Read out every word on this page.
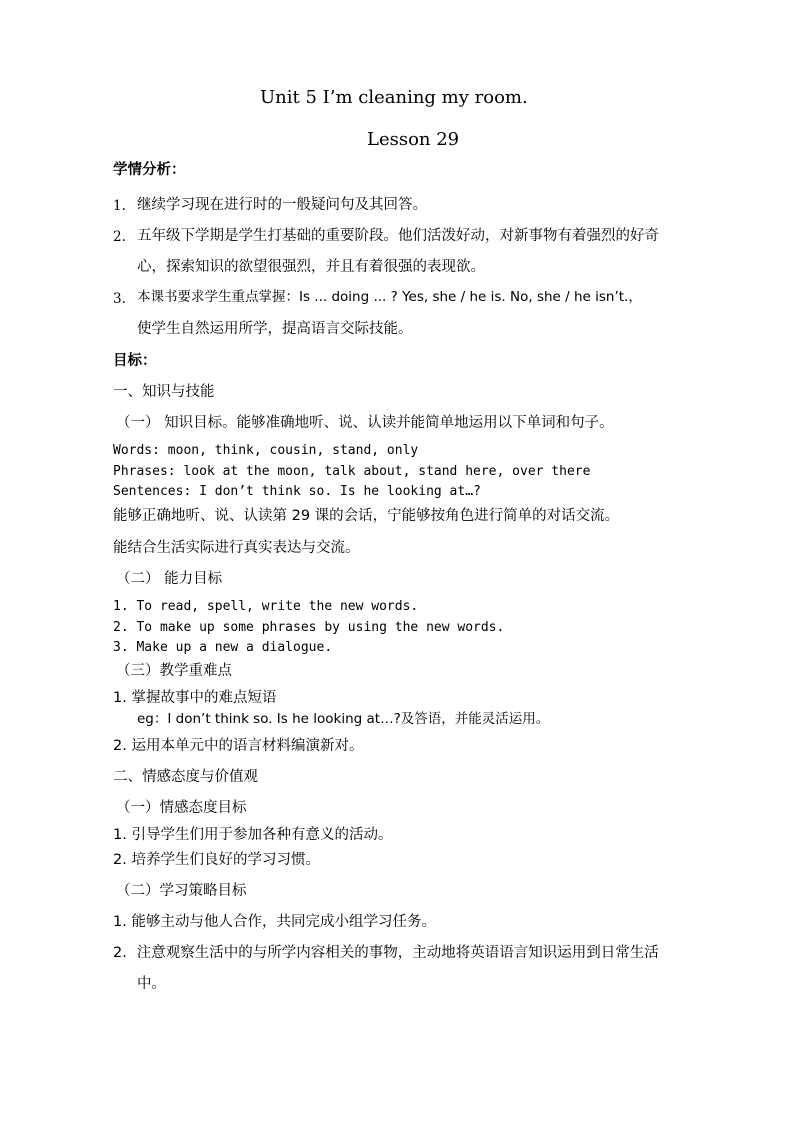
Unit 5 I’m cleaning my room.
Lesson 29
学情分析：
1. 继续学习现在进行时的一般疑问句及其回答。
2. 五年级下学期是学生打基础的重要阶段。他们活泼好动，对新事物有着强烈的好奇
心，探索知识的欲望很强烈，并且有着很强的表现欲。
3. 本课书要求学生重点掌握：Is ... doing ... ? Yes, she / he is. No, she / he isn’t.，
使学生自然运用所学，提高语言交际技能。
目标：
一、知识与技能
（一） 知识目标。能够准确地听、说、认读并能简单地运用以下单词和句子。
Words: moon, think, cousin, stand, only
Phrases: look at the moon, talk about, stand here, over there
Sentences: I don’t think so. Is he looking at…?
能够正确地听、说、认读第 29 课的会话，宁能够按角色进行简单的对话交流。
能结合生活实际进行真实表达与交流。
（二） 能力目标
1. To read, spell, write the new words.
2. To make up some phrases by using the new words.
3. Make up a new a dialogue.
（三）教学重难点
1. 掌握故事中的难点短语
eg：I don’t think so. Is he looking at…?及答语，并能灵活运用。
2. 运用本单元中的语言材料编演新对。
二、情感态度与价值观
（一）情感态度目标
1. 引导学生们用于参加各种有意义的活动。
2. 培养学生们良好的学习习惯。
（二）学习策略目标
1. 能够主动与他人合作，共同完成小组学习任务。
2．注意观察生活中的与所学内容相关的事物，主动地将英语语言知识运用到日常生活
中。
